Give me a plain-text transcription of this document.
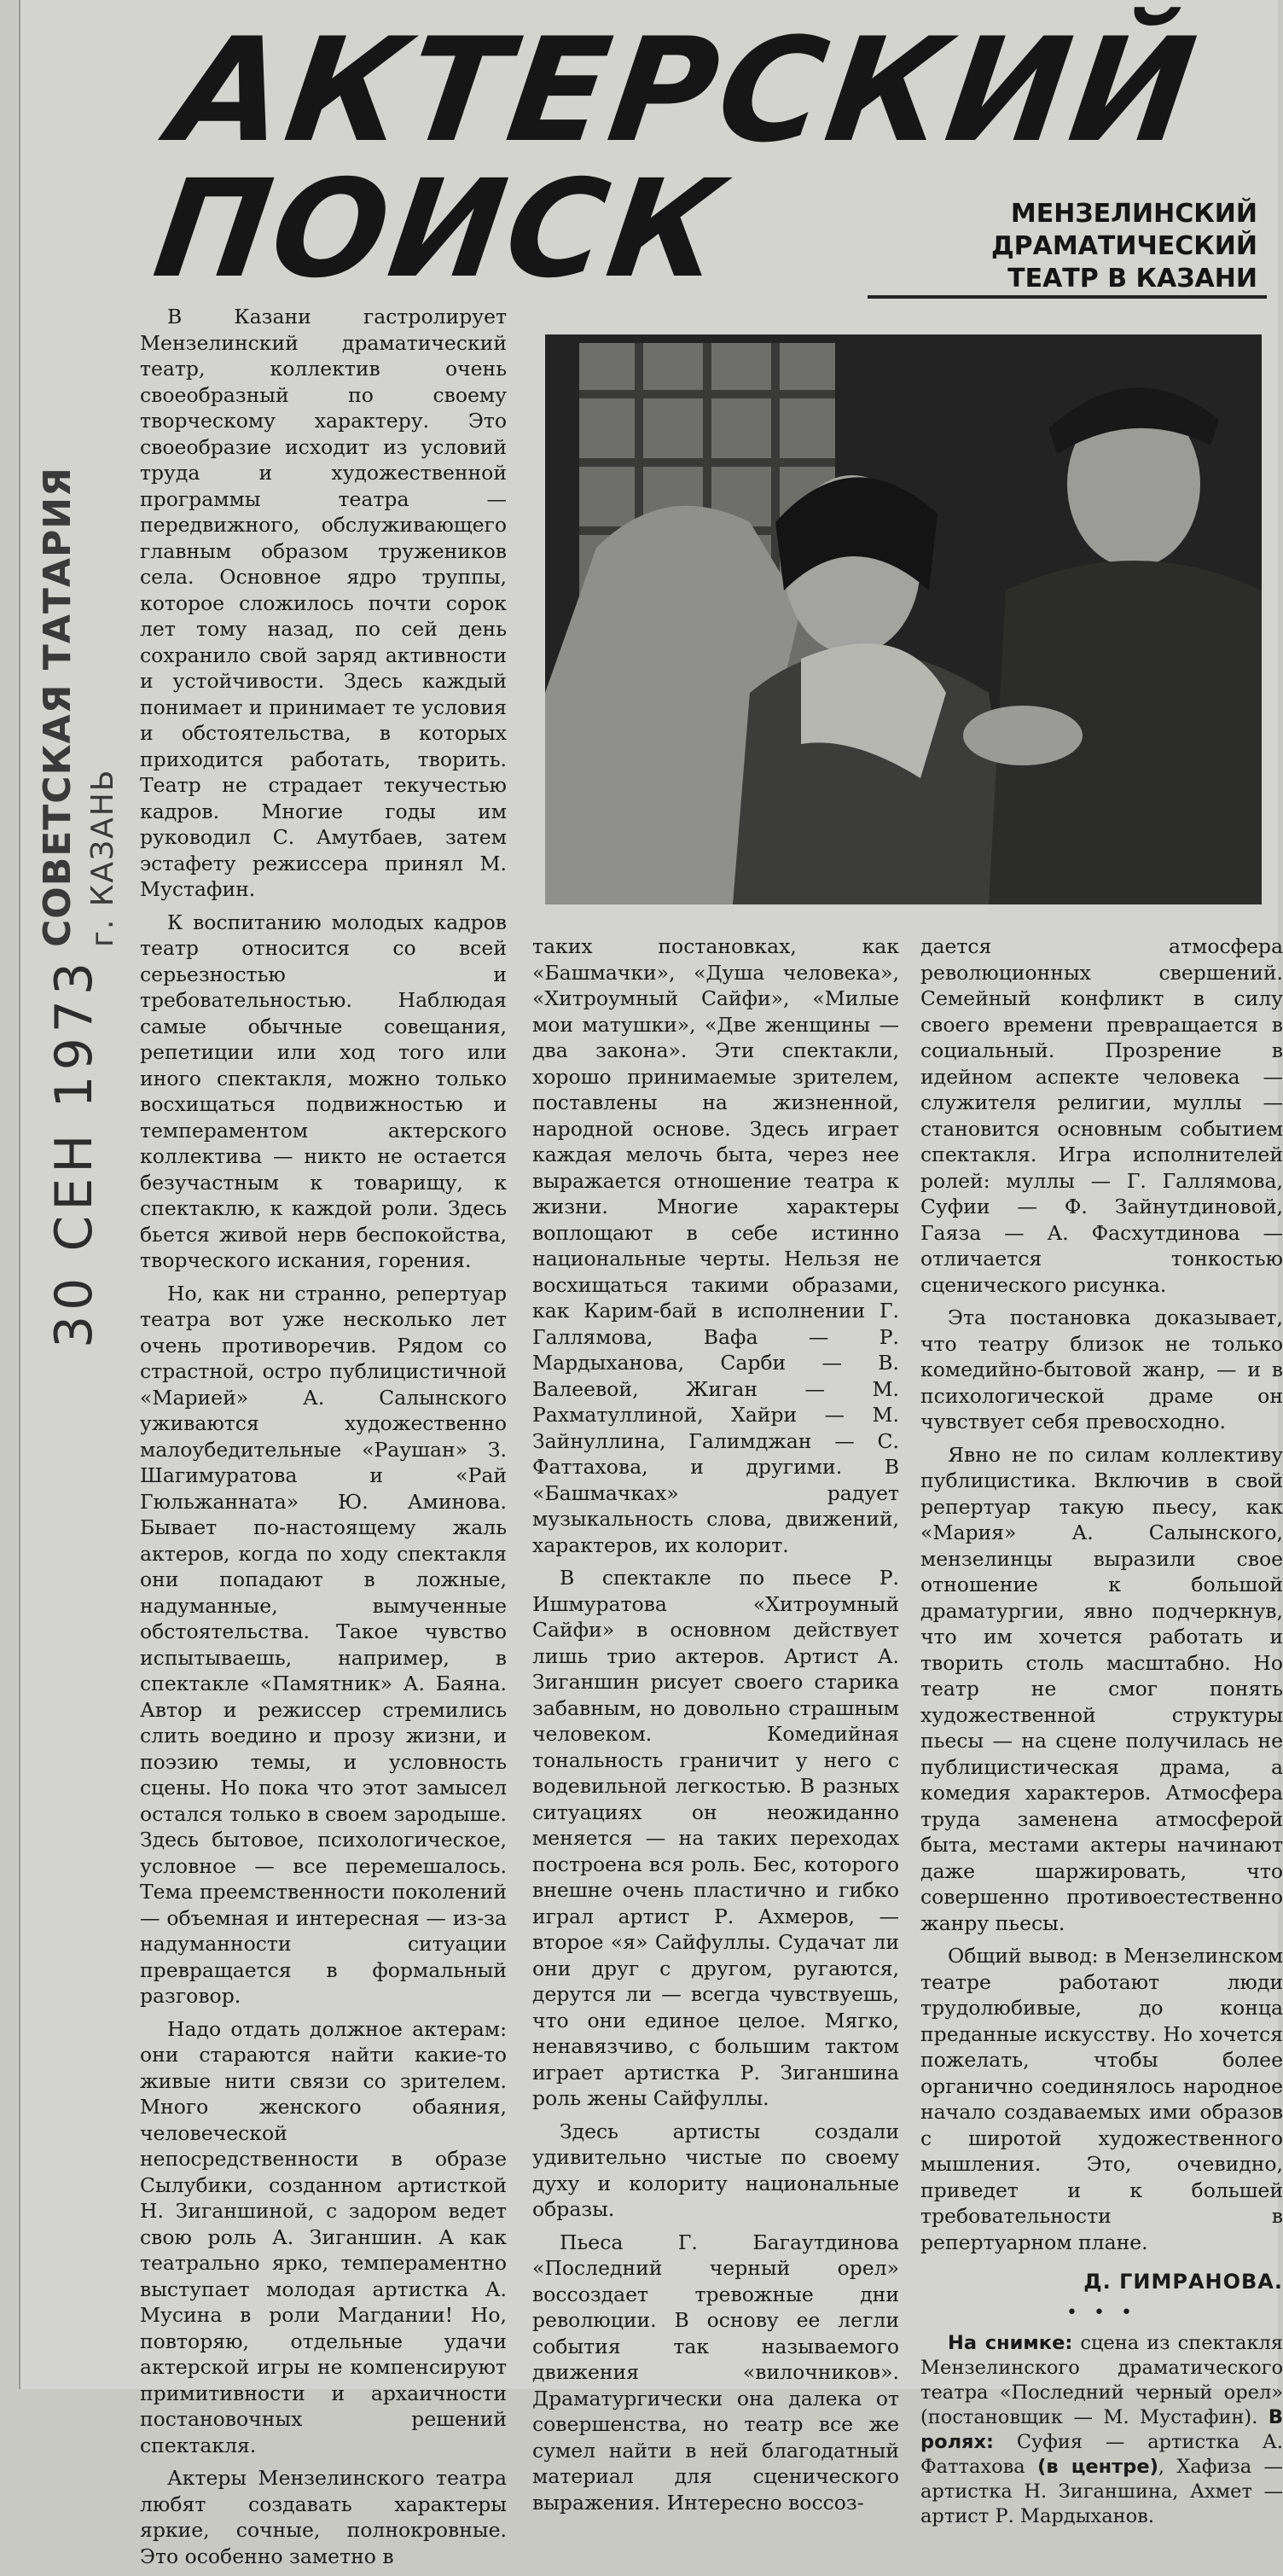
АКТЕРСКИЙ
ПОИСК	МЕНЗЕЛИНСКИЙ
ДРАМАТИЧЕСКИЙ
ТЕАТР В КАЗАНИ
СОВЕТСКАЯ ТАТАРИЯ г. КАЗАНЬ
30 СЕН 1973

В Казани гастролирует Мензелинский драматический театр, коллектив очень своеобразный по своему творческому характеру. Это своеобразие исходит из условий труда и художественной программы театра — передвижного, обслуживающего главным образом тружеников села. Основное ядро труппы, которое сложилось почти сорок лет тому назад, по сей день сохранило свой заряд активности и устойчивости. Здесь каждый понимает и принимает те условия и обстоятельства, в которых приходится работать, творить. Театр не страдает текучестью кадров. Многие годы им руководил С. Амутбаев, затем эстафету режиссера принял М. Мустафин.

К воспитанию молодых кадров театр относится со всей серьезностью и требовательностью. Наблюдая самые обычные совещания, репетиции или ход того или иного спектакля, можно только восхищаться подвижностью и темпераментом актерского коллектива — никто не остается безучастным к товарищу, к спектаклю, к каждой роли. Здесь бьется живой нерв беспокойства, творческого искания, горения.

Но, как ни странно, репертуар театра вот уже несколько лет очень противоречив. Рядом со страстной, остро публицистичной «Марией» А. Салынского уживаются художественно малоубедительные «Раушан» З. Шагимуратова и «Рай Гюльжанната» Ю. Аминова. Бывает по-настоящему жаль актеров, когда по ходу спектакля они попадают в ложные, надуманные, вымученные обстоятельства. Такое чувство испытываешь, например, в спектакле «Памятник» А. Баяна. Автор и режиссер стремились слить воедино и прозу жизни, и поэзию темы, и условность сцены. Но пока что этот замысел остался только в своем зародыше. Здесь бытовое, психологическое, условное — все перемешалось. Тема преемственности поколений — объемная и интересная — из-за надуманности ситуации превращается в формальный разговор.

Надо отдать должное актерам: они стараются найти какие-то живые нити связи со зрителем. Много женского обаяния, человеческой непосредственности в образе Сылубики, созданном артисткой Н. Зиганшиной, с задором ведет свою роль А. Зиганшин. А как театрально ярко, темпераментно выступает молодая артистка А. Мусина в роли Магдании! Но, повторяю, отдельные удачи актерской игры не компенсируют примитивности и архаичности постановочных решений спектакля.

Актеры Мензелинского театра любят создавать характеры яркие, сочные, полнокровные. Это особенно заметно в

таких постановках, как «Башмачки», «Душа человека», «Хитроумный Сайфи», «Милые мои матушки», «Две женщины — два закона». Эти спектакли, хорошо принимаемые зрителем, поставлены на жизненной, народной основе. Здесь играет каждая мелочь быта, через нее выражается отношение театра к жизни. Многие характеры воплощают в себе истинно национальные черты. Нельзя не восхищаться такими образами, как Карим-бай в исполнении Г. Галлямова, Вафа — Р. Мардыханова, Сарби — В. Валеевой, Жиган — М. Рахматуллиной, Хайри — М. Зайнуллина, Галимджан — С. Фаттахова, и другими. В «Башмачках» радует музыкальность слова, движений, характеров, их колорит.

В спектакле по пьесе Р. Ишмуратова «Хитроумный Сайфи» в основном действует лишь трио актеров. Артист А. Зиганшин рисует своего старика забавным, но довольно страшным человеком. Комедийная тональность граничит у него с водевильной легкостью. В разных ситуациях он неожиданно меняется — на таких переходах построена вся роль. Бес, которого внешне очень пластично и гибко играл артист Р. Ахмеров, — второе «я» Сайфуллы. Судачат ли они друг с другом, ругаются, дерутся ли — всегда чувствуешь, что они единое целое. Мягко, ненавязчиво, с большим тактом играет артистка Р. Зиганшина роль жены Сайфуллы.

Здесь артисты создали удивительно чистые по своему духу и колориту национальные образы.

Пьеса Г. Багаутдинова «Последний черный орел» воссоздает тревожные дни революции. В основу ее легли события так называемого движения «вилочников». Драматургически она далека от совершенства, но театр все же сумел найти в ней благодатный материал для сценического выражения. Интересно воссоз-

дается атмосфера революционных свершений. Семейный конфликт в силу своего времени превращается в социальный. Прозрение в идейном аспекте человека — служителя религии, муллы — становится основным событием спектакля. Игра исполнителей ролей: муллы — Г. Галлямова, Суфии — Ф. Зайнутдиновой, Гаяза — А. Фасхутдинова — отличается тонкостью сценического рисунка.

Эта постановка доказывает, что театру близок не только комедийно-бытовой жанр, — и в психологической драме он чувствует себя превосходно.

Явно не по силам коллективу публицистика. Включив в свой репертуар такую пьесу, как «Мария» А. Салынского, мензелинцы выразили свое отношение к большой драматургии, явно подчеркнув, что им хочется работать и творить столь масштабно. Но театр не смог понять художественной структуры пьесы — на сцене получилась не публицистическая драма, а комедия характеров. Атмосфера труда заменена атмосферой быта, местами актеры начинают даже шаржировать, что совершенно противоестественно жанру пьесы.

Общий вывод: в Мензелинском театре работают люди трудолюбивые, до конца преданные искусству. Но хочется пожелать, чтобы более органично соединялось народное начало создаваемых ими образов с широтой художественного мышления. Это, очевидно, приведет и к большей требовательности в репертуарном плане.

Д. ГИМРАНОВА.
• • •

На снимке: сцена из спектакля Мензелинского драматического театра «Последний черный орел» (постановщик — М. Мустафин). В ролях: Суфия — артистка А. Фаттахова (в центре), Хафиза — артистка Н. Зиганшина, Ахмет — артист Р. Мардыханов.
